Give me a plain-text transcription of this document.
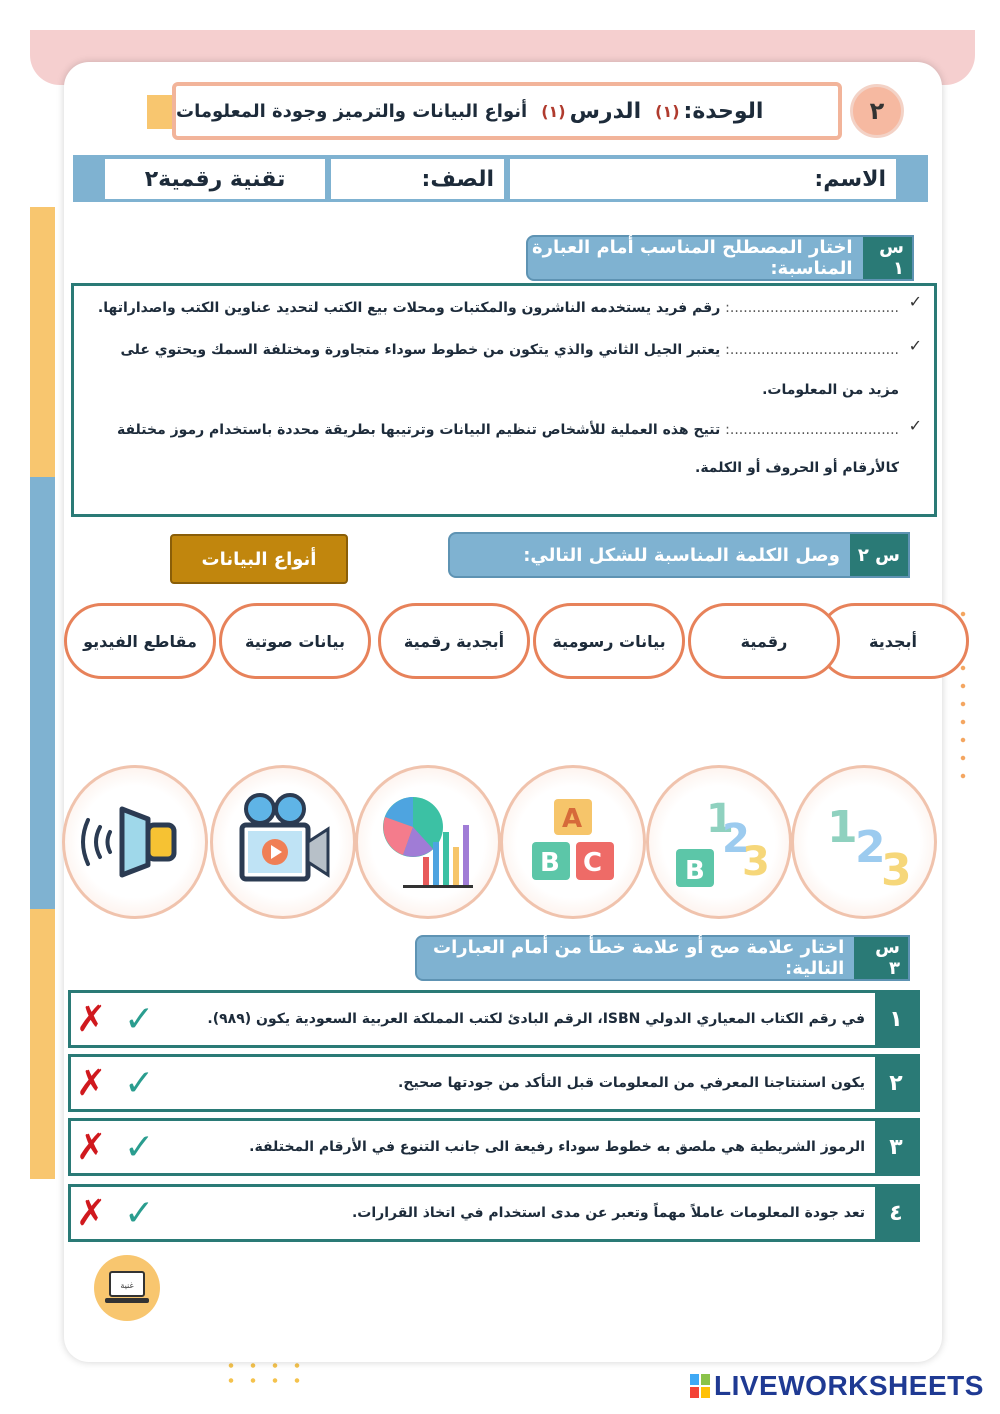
٢
الوحدة:
(١)
الدرس
(١)
أنواع البيانات والترميز وجودة المعلومات
الاسم:
الصف:
تقنية رقمية٢
س ١
اختار المصطلح المناسب أمام العبارة المناسبة:
✓
......................................: رقم فريد يستخدمه الناشرون والمكتبات ومحلات بيع الكتب لتحديد عناوين الكتب واصداراتها.
✓
......................................: يعتبر الجيل الثاني والذي يتكون من خطوط سوداء متجاورة ومختلفة السمك ويحتوي على
مزيد من المعلومات.
✓
......................................: تتيح هذه العملية للأشخاص تنظيم البيانات وترتيبها بطريقة محددة باستخدام رموز مختلفة
كالأرقام أو الحروف أو الكلمة.
س ٢
وصل الكلمة المناسبة للشكل التالي:
أنواع البيانات
أبجدية
رقمية
بيانات رسومية
أبجدية رقمية
بيانات صوتية
مقاطع الفيديو
1
2
3
1
2
3
B
A
B C
س ٣
اختار علامة صح أو علامة خطأ من أمام العبارات التالية:
١
في رقم الكتاب المعياري الدولي ISBN، الرقم البادئ لكتب المملكة العربية السعودية يكون (٩٨٩).
✗ ✓
٢
يكون استنتاجنا المعرفي من المعلومات قبل التأكد من جودتها صحيح.
✗ ✓
٣
الرموز الشريطية هي ملصق به خطوط سوداء رفيعة الى جانب التنوع في الأرقام المختلفة.
✗ ✓
٤
تعد جودة المعلومات عاملاً مهماً وتعبر عن مدى استخدام في اتخاذ القرارات.
✗ ✓
غنية
LIVEWORKSHEETS
